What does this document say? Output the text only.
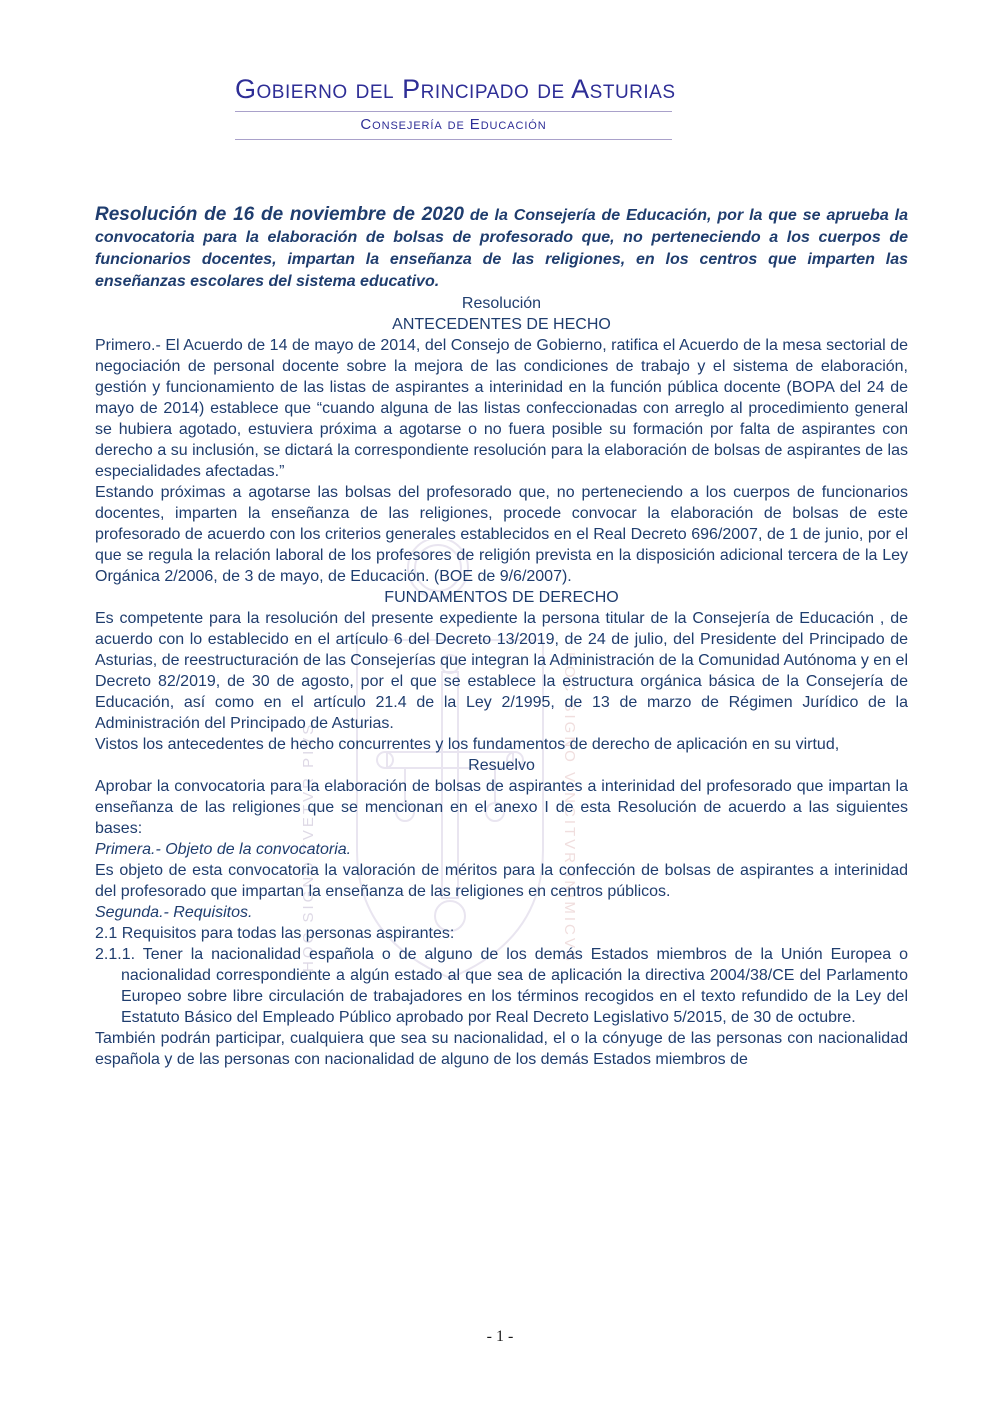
HOC SIGNO TVETVR PIVS	HOC SIGNO VINCITVR INIMICVS
Gobierno del Principado de Asturias
Consejería de Educación
Resolución de 16 de noviembre de 2020 de la Consejería de Educación, por la que se aprueba la convocatoria para la elaboración de bolsas de profesorado que, no perteneciendo a los cuerpos de funcionarios docentes, impartan la enseñanza de las religiones, en los centros que imparten las enseñanzas escolares del sistema educativo.

Resolución

ANTECEDENTES DE HECHO

Primero.- El Acuerdo de 14 de mayo de 2014, del Consejo de Gobierno, ratifica el Acuerdo de la mesa sectorial de negociación de personal docente sobre la mejora de las condiciones de trabajo y el sistema de elaboración, gestión y funcionamiento de las listas de aspirantes a interinidad en la función pública docente (BOPA del 24 de mayo de 2014) establece que “cuando alguna de las listas confeccionadas con arreglo al procedimiento general se hubiera agotado, estuviera próxima a agotarse o no fuera posible su formación por falta de aspirantes con derecho a su inclusión, se dictará la correspondiente resolución para la elaboración de bolsas de aspirantes de las especialidades afectadas.”

Estando próximas a agotarse las bolsas del profesorado que, no perteneciendo a los cuerpos de funcionarios docentes, imparten la enseñanza de las religiones, procede convocar la elaboración de bolsas de este profesorado de acuerdo con los criterios generales establecidos en el Real Decreto 696/2007, de 1 de junio, por el que se regula la relación laboral de los profesores de religión prevista en la disposición adicional tercera de la Ley Orgánica 2/2006, de 3 de mayo, de Educación. (BOE de 9/6/2007).

FUNDAMENTOS DE DERECHO

Es competente para la resolución del presente expediente la persona titular de la Consejería de Educación , de acuerdo con lo establecido en el artículo 6 del Decreto 13/2019, de 24 de julio, del Presidente del Principado de Asturias, de reestructuración de las Consejerías que integran la Administración de la Comunidad Autónoma y en el Decreto 82/2019, de 30 de agosto, por el que se establece la estructura orgánica básica de la Consejería de Educación, así como en el artículo 21.4 de la Ley 2/1995, de 13 de marzo de Régimen Jurídico de la Administración del Principado de Asturias.

Vistos los antecedentes de hecho concurrentes y los fundamentos de derecho de aplicación en su virtud,

Resuelvo

Aprobar la convocatoria para la elaboración de bolsas de aspirantes a interinidad del profesorado que impartan la enseñanza de las religiones que se mencionan en el anexo I de esta Resolución de acuerdo a las siguientes bases:

Primera.- Objeto de la convocatoria.

Es objeto de esta convocatoria la valoración de méritos para la confección de bolsas de aspirantes a interinidad del profesorado que impartan la enseñanza de las religiones en centros públicos.

Segunda.- Requisitos.

2.1 Requisitos para todas las personas aspirantes:

2.1.1. Tener la nacionalidad española o de alguno de los demás Estados miembros de la Unión Europea o nacionalidad correspondiente a algún estado al que sea de aplicación la directiva 2004/38/CE del Parlamento Europeo sobre libre circulación de trabajadores en los términos recogidos en el texto refundido de la Ley del Estatuto Básico del Empleado Público aprobado por Real Decreto Legislativo 5/2015, de 30 de octubre.

También podrán participar, cualquiera que sea su nacionalidad, el o la cónyuge de las personas con nacionalidad española y de las personas con nacionalidad de alguno de los demás Estados miembros de

- 1 -
